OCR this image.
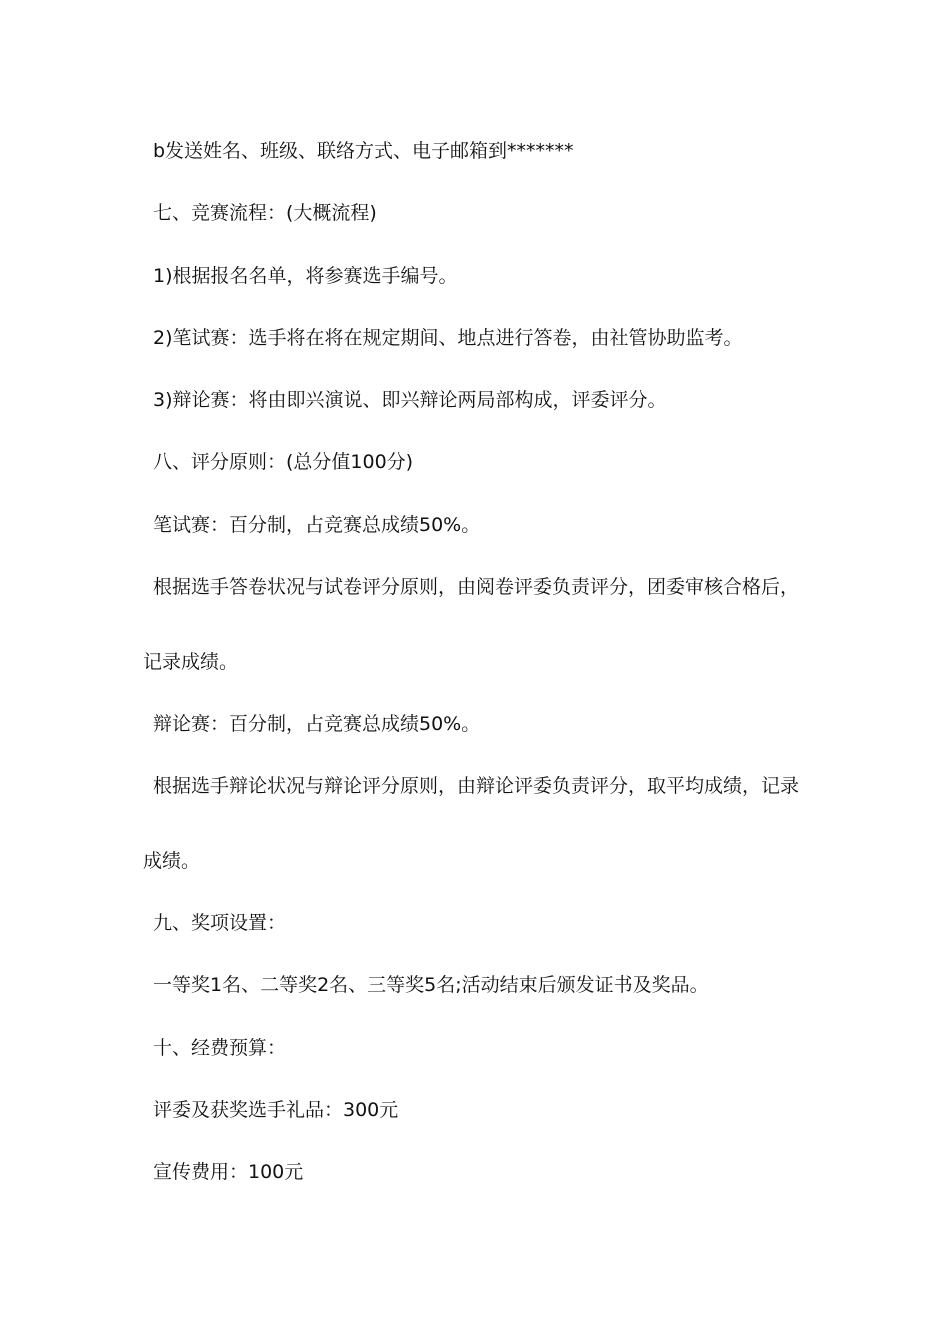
b发送姓名、班级、联络方式、电子邮箱到*******
七、竞赛流程：(大概流程)
1)根据报名名单，将参赛选手编号。
2)笔试赛：选手将在将在规定期间、地点进行答卷，由社管协助监考。
3)辩论赛：将由即兴演说、即兴辩论两局部构成，评委评分。
八、评分原则：(总分值100分)
笔试赛：百分制，占竞赛总成绩50%。
根据选手答卷状况与试卷评分原则，由阅卷评委负责评分，团委审核合格后，
记录成绩。
辩论赛：百分制，占竞赛总成绩50%。
根据选手辩论状况与辩论评分原则，由辩论评委负责评分，取平均成绩，记录
成绩。
九、奖项设置：
一等奖1名、二等奖2名、三等奖5名;活动结束后颁发证书及奖品。
十、经费预算：
评委及获奖选手礼品：300元
宣传费用：100元
